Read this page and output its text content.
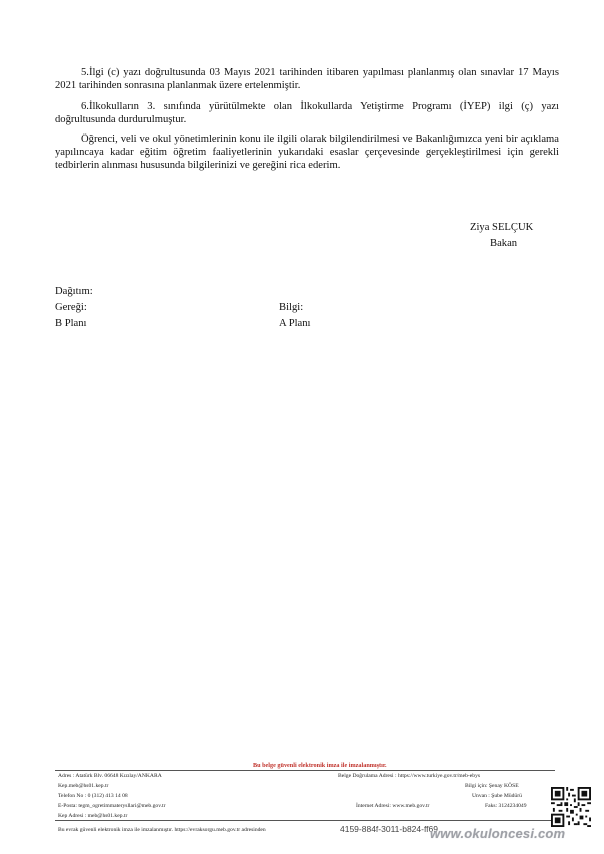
5.İlgi (c) yazı doğrultusunda 03 Mayıs 2021 tarihinden itibaren yapılması planlanmış olan sınavlar 17 Mayıs 2021 tarihinden sonrasına planlanmak üzere ertelenmiştir.

6.İlkokulların 3. sınıfında yürütülmekte olan İlkokullarda Yetiştirme Programı (İYEP) ilgi (ç) yazı doğrultusunda durdurulmuştur.

Öğrenci, veli ve okul yönetimlerinin konu ile ilgili olarak bilgilendirilmesi ve Bakanlığımızca yeni bir açıklama yapılıncaya kadar eğitim öğretim faaliyetlerinin yukarıdaki esaslar çerçevesinde gerçekleştirilmesi için gerekli tedbirlerin alınması hususunda bilgilerinizi ve gereğini rica ederim.

Ziya SELÇUK
Bakan
Dağıtım:
Gereği:
B Planı
Bilgi:
A Planı
Bu belge güvenli elektronik imza ile imzalanmıştır.
Adres : Atatürk Blv. 06648 Kızılay/ANKARA
Kep.meb@hs01.kep.tr
Telefon No : 0 (312) 413 14 08
E-Posta: tegm_ogretimmaterysllari@meb.gov.tr
Kep Adresi : meb@hs01.kep.tr
Belge Doğrulama Adresi : https://www.turkiye.gov.tr/meb-ebys
Bilgi için: Şenay KÖSE
Unvan : Şube Müdürü
İnternet Adresi: www.meb.gov.tr	Faks: 3124234049
Bu evrak güvenli elektronik imza ile imzalanmıştır. https://evraksorgu.meb.gov.tr adresinden	4159-884f-3011-b824-ff69
www.okuloncesi.com
